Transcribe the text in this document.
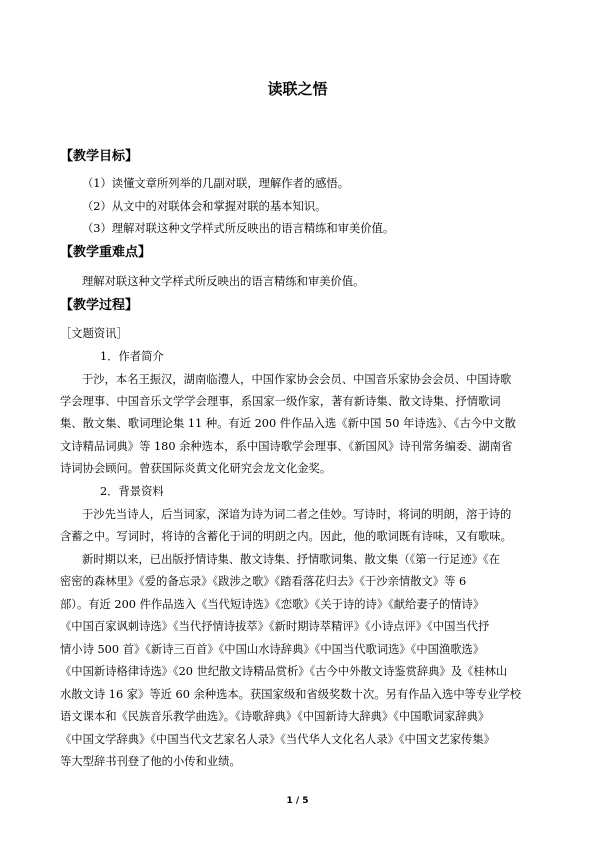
读联之悟
【教学目标】
（1）读懂文章所列举的几副对联，理解作者的感悟。
（2）从文中的对联体会和掌握对联的基本知识。
（3）理解对联这种文学样式所反映出的语言精练和审美价值。
【教学重难点】
理解对联这种文学样式所反映出的语言精练和审美价值。
【教学过程】
［文题资讯］
1．作者简介
于沙，本名王振汉，湖南临澧人，中国作家协会会员、中国音乐家协会会员、中国诗歌
学会理事、中国音乐文学学会理事，系国家一级作家，著有新诗集、散文诗集、抒情歌词
集、散文集、歌词理论集 11 种。有近 200 件作品入选《新中国 50 年诗选》、《古今中文散
文诗精品词典》等 180 余种选本，系中国诗歌学会理事、《新国风》诗刊常务编委、湖南省
诗词协会顾问。曾获国际炎黄文化研究会龙文化金奖。
2．背景资料
于沙先当诗人，后当词家，深谙为诗为词二者之佳妙。写诗时，将词的明朗，溶于诗的
含蓄之中。写词时，将诗的含蓄化于词的明朗之内。因此，他的歌词既有诗味，又有歌味。
新时期以来，已出版抒情诗集、散文诗集、抒情歌词集、散文集（《第一行足迹》《在
密密的森林里》《爱的备忘录》《跋涉之歌》《踏看落花归去》《于沙亲情散文》等 6
部）。有近 200 件作品选入《当代短诗选》《恋歌》《关于诗的诗》《献给妻子的情诗》
《中国百家讽刺诗选》《当代抒情诗拔萃》《新时期诗萃精评》《小诗点评》《中国当代抒
情小诗 500 首》《新诗三百首》《中国山水诗辞典》《中国当代歌词选》《中国渔歌选》
《中国新诗格律诗选》《20 世纪散文诗精品赏析》《古今中外散文诗鉴赏辞典》及《桂林山
水散文诗 16 家》等近 60 余种选本。获国家级和省级奖数十次。另有作品入选中等专业学校
语文课本和《民族音乐教学曲选》。《诗歌辞典》《中国新诗大辞典》《中国歌词家辞典》
《中国文学辞典》《中国当代文艺家名人录》《当代华人文化名人录》《中国文艺家传集》
等大型辞书刊登了他的小传和业绩。
1 / 5
